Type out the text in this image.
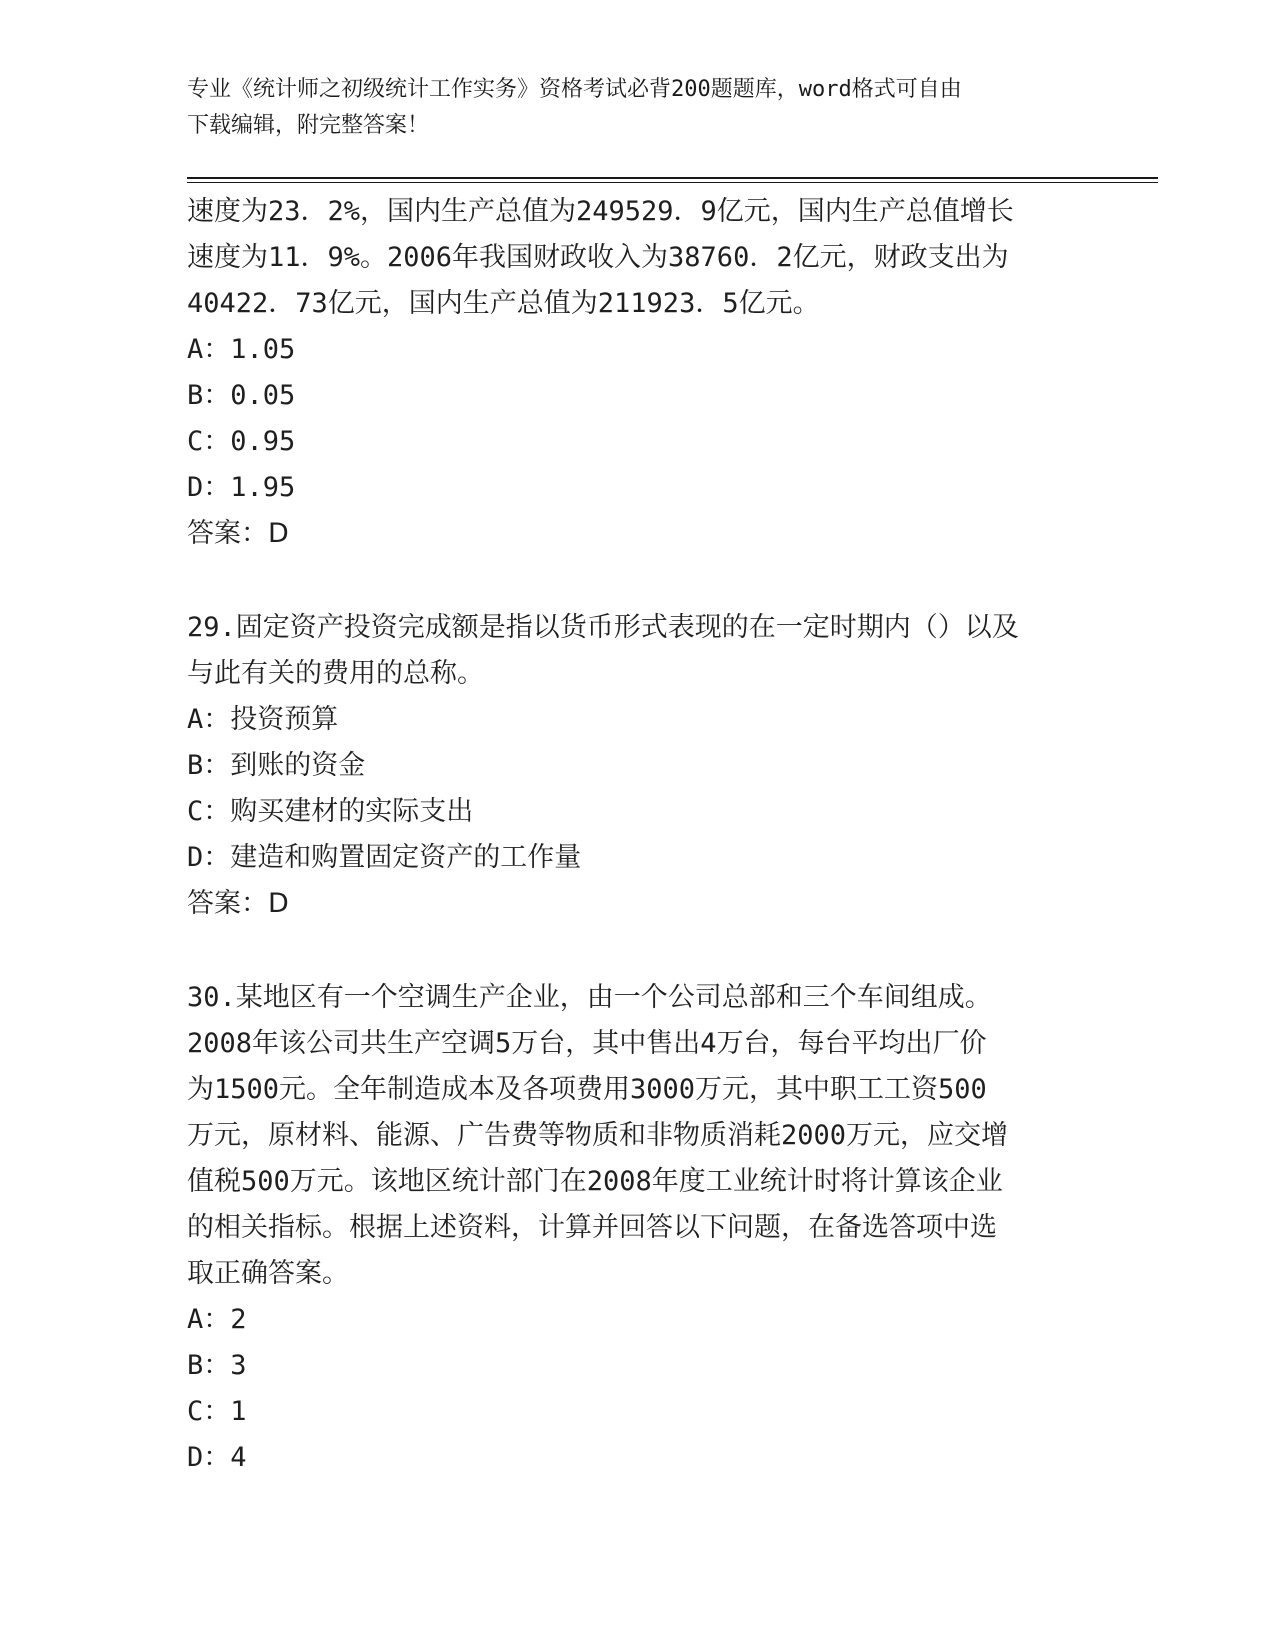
专业《统计师之初级统计工作实务》资格考试必背200题题库，word格式可自由
下载编辑，附完整答案！
速度为23．2%，国内生产总值为249529．9亿元，国内生产总值增长
速度为11．9%。2006年我国财政收入为38760．2亿元，财政支出为
40422．73亿元，国内生产总值为211923．5亿元。
A：1.05
B：0.05
C：0.95
D：1.95
答案：D
29.固定资产投资完成额是指以货币形式表现的在一定时期内（）以及
与此有关的费用的总称。
A：投资预算
B：到账的资金
C：购买建材的实际支出
D：建造和购置固定资产的工作量
答案：D
30.某地区有一个空调生产企业，由一个公司总部和三个车间组成。
2008年该公司共生产空调5万台，其中售出4万台，每台平均出厂价
为1500元。全年制造成本及各项费用3000万元，其中职工工资500
万元，原材料、能源、广告费等物质和非物质消耗2000万元，应交增
值税500万元。该地区统计部门在2008年度工业统计时将计算该企业
的相关指标。根据上述资料，计算并回答以下问题，在备选答项中选
取正确答案。
A：2
B：3
C：1
D：4
